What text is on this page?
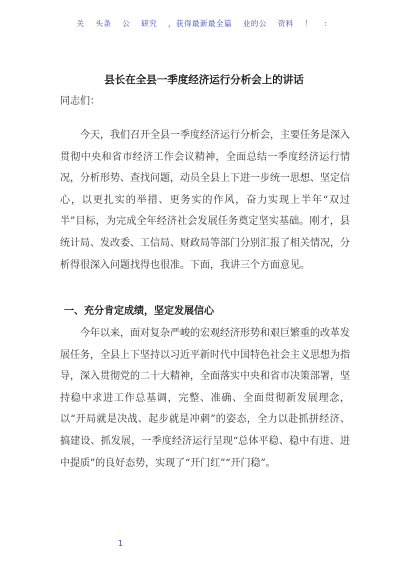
关 头条 公 研究 ，获得最新最全篇 业的公 资料 ！ ：
县长在全县一季度经济运行分析会上的讲话
同志们：
今天，我们召开全县一季度经济运行分析会，主要任务是深入贯彻中央和省市经济工作会议精神，全面总结一季度经济运行情况，分析形势、查找问题，动员全县上下进一步统一思想、坚定信心，以更扎实的举措、更务实的作风，奋力实现上半年“双过半”目标，为完成全年经济社会发展任务奠定坚实基础。刚才，县统计局、发改委、工信局、财政局等部门分别汇报了相关情况，分析得很深入问题找得也很准。下面，我讲三个方面意见。
一、充分肯定成绩，坚定发展信心
今年以来，面对复杂严峻的宏观经济形势和艰巨繁重的改革发展任务，全县上下坚持以习近平新时代中国特色社会主义思想为指导，深入贯彻党的二十大精神，全面落实中央和省市决策部署，坚持稳中求进工作总基调，完整、准确、全面贯彻新发展理念，以“开局就是决战、起步就是冲刺”的姿态，全力以赴抓拼经济、搞建设、抓发展，一季度经济运行呈现“总体平稳、稳中有进、进中提质”的良好态势，实现了“开门红”“开门稳”。
1
